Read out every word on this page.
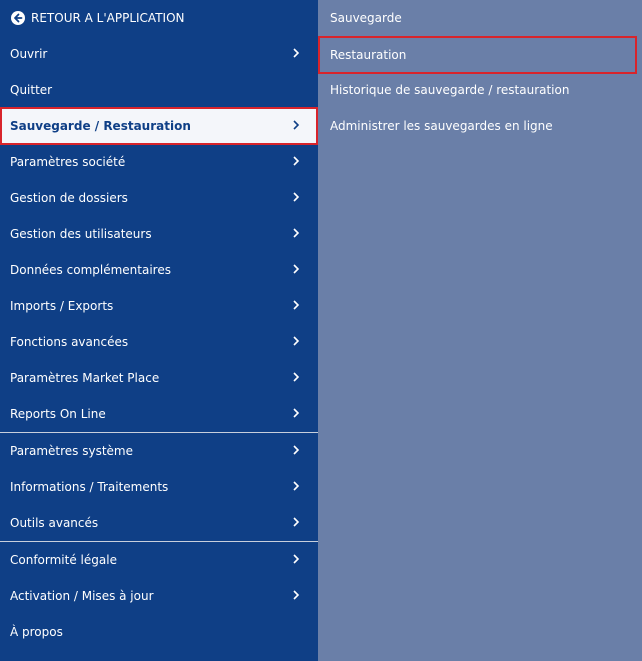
RETOUR A L'APPLICATION
Ouvrir
Quitter
Sauvegarde / Restauration
Paramètres société
Gestion de dossiers
Gestion des utilisateurs
Données complémentaires
Imports / Exports
Fonctions avancées
Paramètres Market Place
Reports On Line
Paramètres système
Informations / Traitements
Outils avancés
Conformité légale
Activation / Mises à jour
À propos
Sauvegarde
Restauration
Historique de sauvegarde / restauration
Administrer les sauvegardes en ligne
